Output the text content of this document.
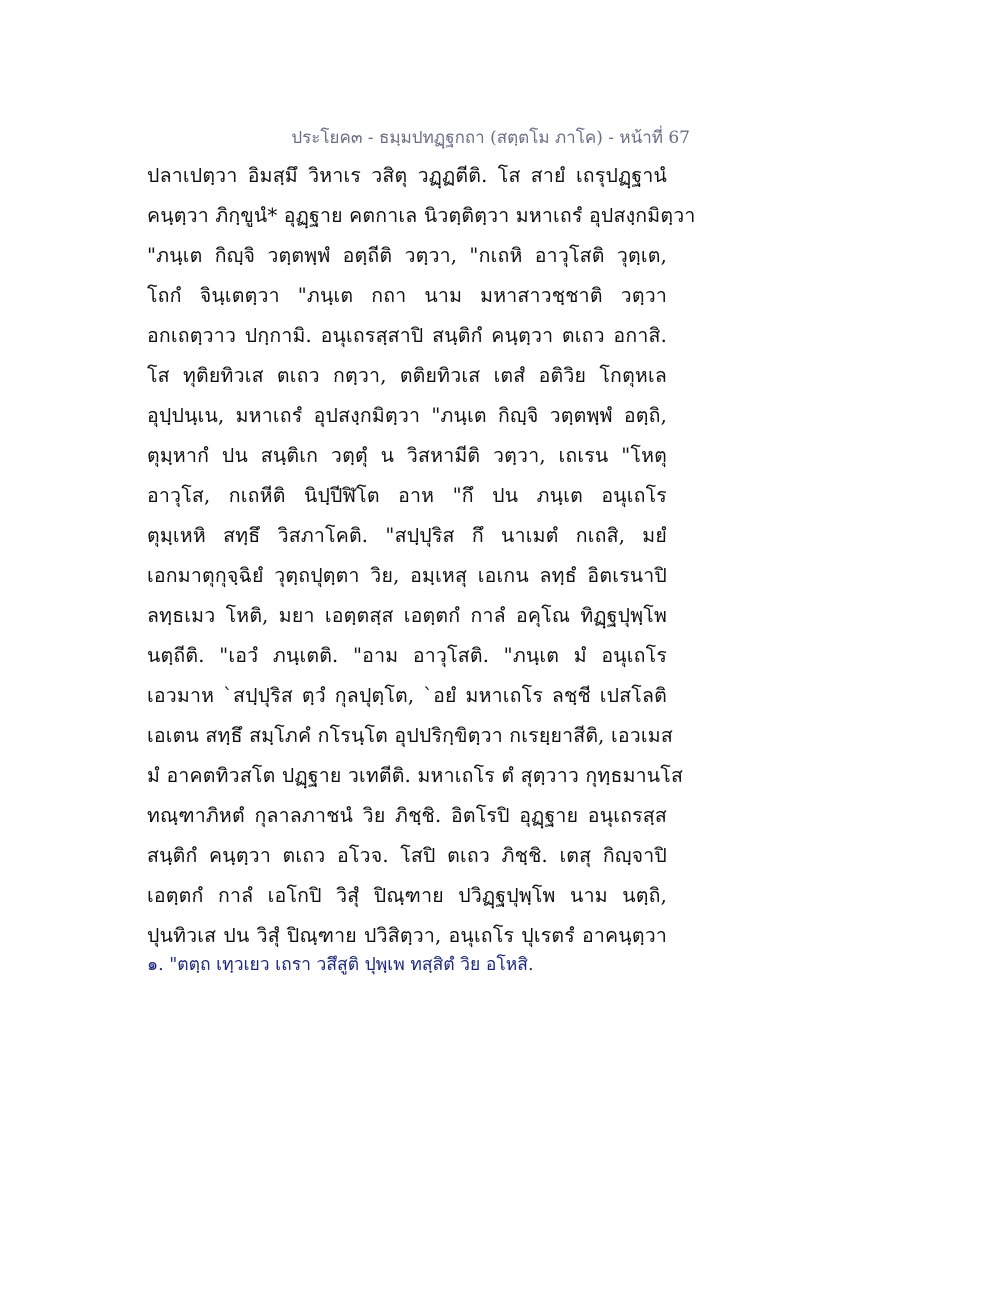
ประโยค๓ - ธมฺมปทฏฺฐกถา (สตฺตโม ภาโค) - หน้าที่ 67
ปลาเปตฺวา อิมสฺมึ วิหาเร วสิตุ วฏฺฏตีติ. โส สายํ เถรุปฏฺฐานํ
คนฺตฺวา ภิกฺขูนํ* อุฏฺฐาย คตกาเล นิวตฺติตฺวา มหาเถรํ อุปสงฺกมิตฺวา
"ภนฺเต กิญฺจิ วตฺตพฺพํ อตฺถีติ วตฺวา, "กเถหิ อาวุโสติ วุตฺเต,
โถกํ จินฺเตตฺวา "ภนฺเต กถา นาม มหาสาวชฺชาติ วตฺวา
อกเถตฺวาว ปกฺกามิ. อนุเถรสฺสาปิ สนฺติกํ คนฺตฺวา ตเถว อกาสิ.
โส ทุติยทิวเส ตเถว กตฺวา, ตติยทิวเส เตสํ อติวิย โกตุหเล
อุปฺปนฺเน, มหาเถรํ อุปสงฺกมิตฺวา "ภนฺเต กิญฺจิ วตฺตพฺพํ อตฺถิ,
ตุมฺหากํ ปน สนฺติเก วตฺตุํ น วิสหามีติ วตฺวา, เถเรน "โหตุ
อาวุโส, กเถหีติ นิปฺปีฬิโต อาห "กึ ปน ภนฺเต อนุเถโร
ตุมฺเหหิ สทฺธึ วิสภาโคติ. "สปฺปุริส กึ นาเมตํ กเถสิ, มยํ
เอกมาตุกุจฺฉิยํ วุตฺถปุตฺตา วิย, อมฺเหสุ เอเกน ลทฺธํ อิตเรนาปิ
ลทฺธเมว โหติ, มยา เอตฺตสฺส เอตฺตกํ กาลํ อคุโณ ทิฏฺฐปุพฺโพ
นตฺถีติ. "เอวํ ภนฺเตติ. "อาม อาวุโสติ. "ภนฺเต มํ อนุเถโร
เอวมาห `สปฺปุริส ตฺวํ กุลปุตฺโต, `อยํ มหาเถโร ลชฺชี เปสโลติ
เอเตน สทฺธึ สมฺโภคํ กโรนฺโต อุปปริกฺขิตฺวา กเรยฺยาสีติ, เอวเมส
มํ อาคตทิวสโต ปฏฺฐาย วเทตีติ. มหาเถโร ตํ สุตฺวาว กุทฺธมานโส
ทณฺฑาภิหตํ กุลาลภาชนํ วิย ภิชฺชิ. อิตโรปิ อุฏฺฐาย อนุเถรสฺส
สนฺติกํ คนฺตฺวา ตเถว อโวจ. โสปิ ตเถว ภิชฺชิ. เตสุ กิญฺจาปิ
เอตฺตกํ กาลํ เอโกปิ วิสุํ ปิณฺฑาย ปวิฏฺฐปุพฺโพ นาม นตฺถิ,
ปุนทิวเส ปน วิสุํ ปิณฺฑาย ปวิสิตฺวา, อนุเถโร ปุเรตรํ อาคนฺตฺวา
๑. "ตตฺถ เทฺวเยว เถรา วสึสูติ ปุพฺเพ ทสฺสิตํ วิย อโหสิ.
